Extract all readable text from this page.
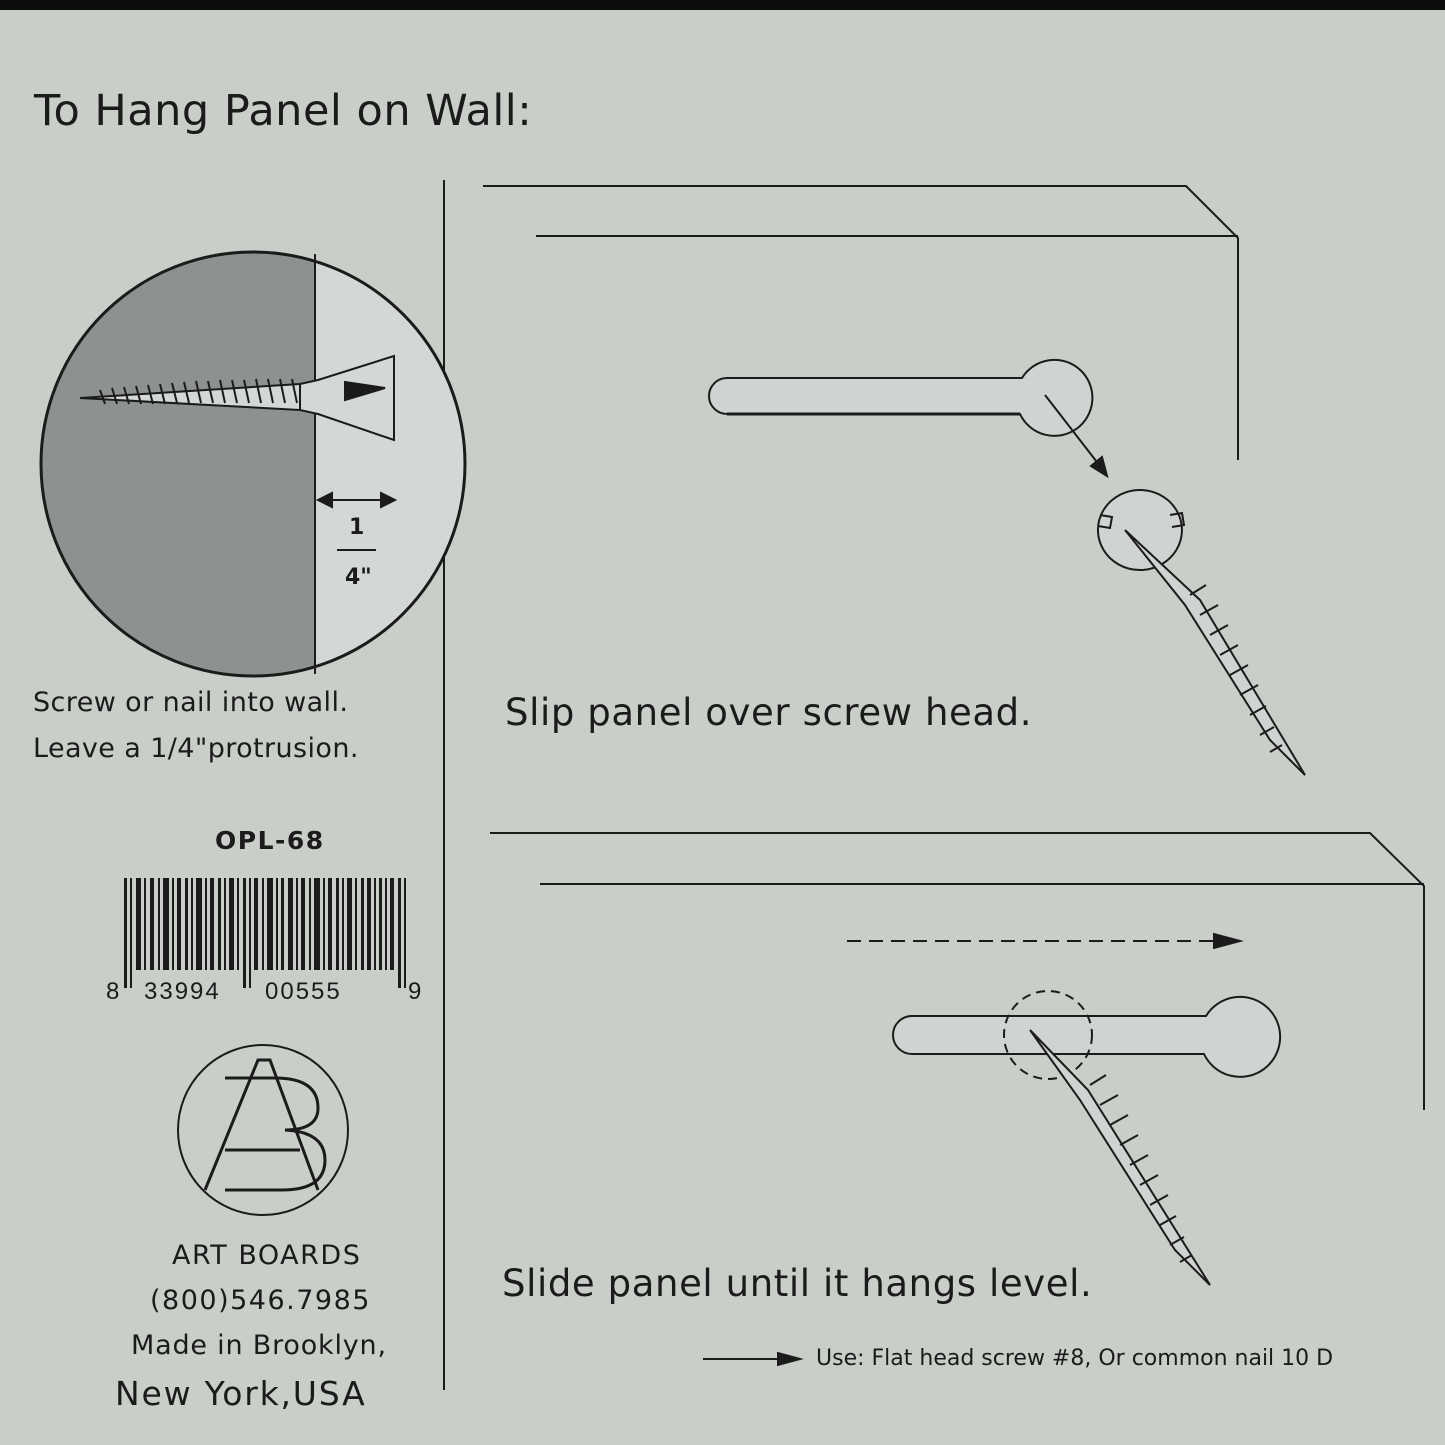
To Hang Panel on Wall:
1
4"
Screw or nail into wall.
Leave a 1/4"protrusion.
OPL-68
8 33994 00555	9
ART BOARDS
(800)546.7985
Made in Brooklyn,
New York,USA
Slip panel over screw head.
Slide panel until it hangs level.
Use: Flat head screw #8, Or common nail 10 D
